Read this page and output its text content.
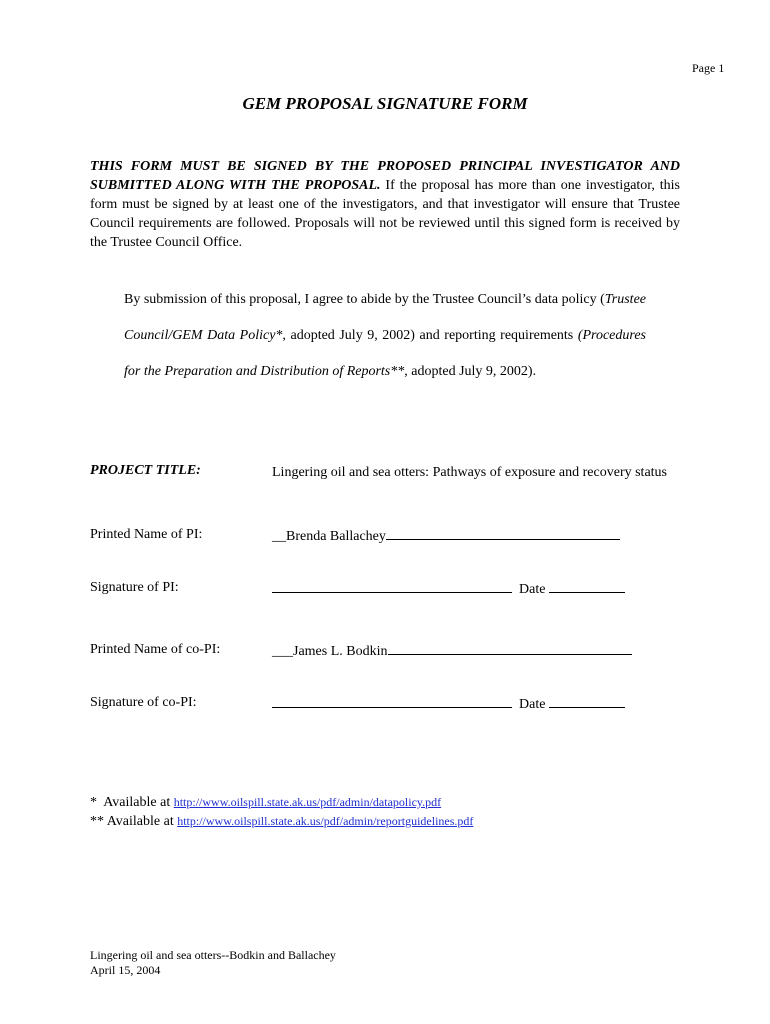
Page 1
GEM PROPOSAL SIGNATURE FORM
THIS FORM MUST BE SIGNED BY THE PROPOSED PRINCIPAL INVESTIGATOR AND SUBMITTED ALONG WITH THE PROPOSAL. If the proposal has more than one investigator, this form must be signed by at least one of the investigators, and that investigator will ensure that Trustee Council requirements are followed. Proposals will not be reviewed until this signed form is received by the Trustee Council Office.
By submission of this proposal, I agree to abide by the Trustee Council’s data policy (Trustee Council/GEM Data Policy*, adopted July 9, 2002) and reporting requirements (Procedures for the Preparation and Distribution of Reports**, adopted July 9, 2002).
PROJECT TITLE:	Lingering oil and sea otters: Pathways of exposure and recovery status
Printed Name of PI:	__Brenda Ballachey
Signature of PI:	Date
Printed Name of co-PI:	___James L. Bodkin
Signature of co-PI:	Date
*  Available at http://www.oilspill.state.ak.us/pdf/admin/datapolicy.pdf
** Available at http://www.oilspill.state.ak.us/pdf/admin/reportguidelines.pdf
Lingering oil and sea otters--Bodkin and Ballachey
April 15, 2004
